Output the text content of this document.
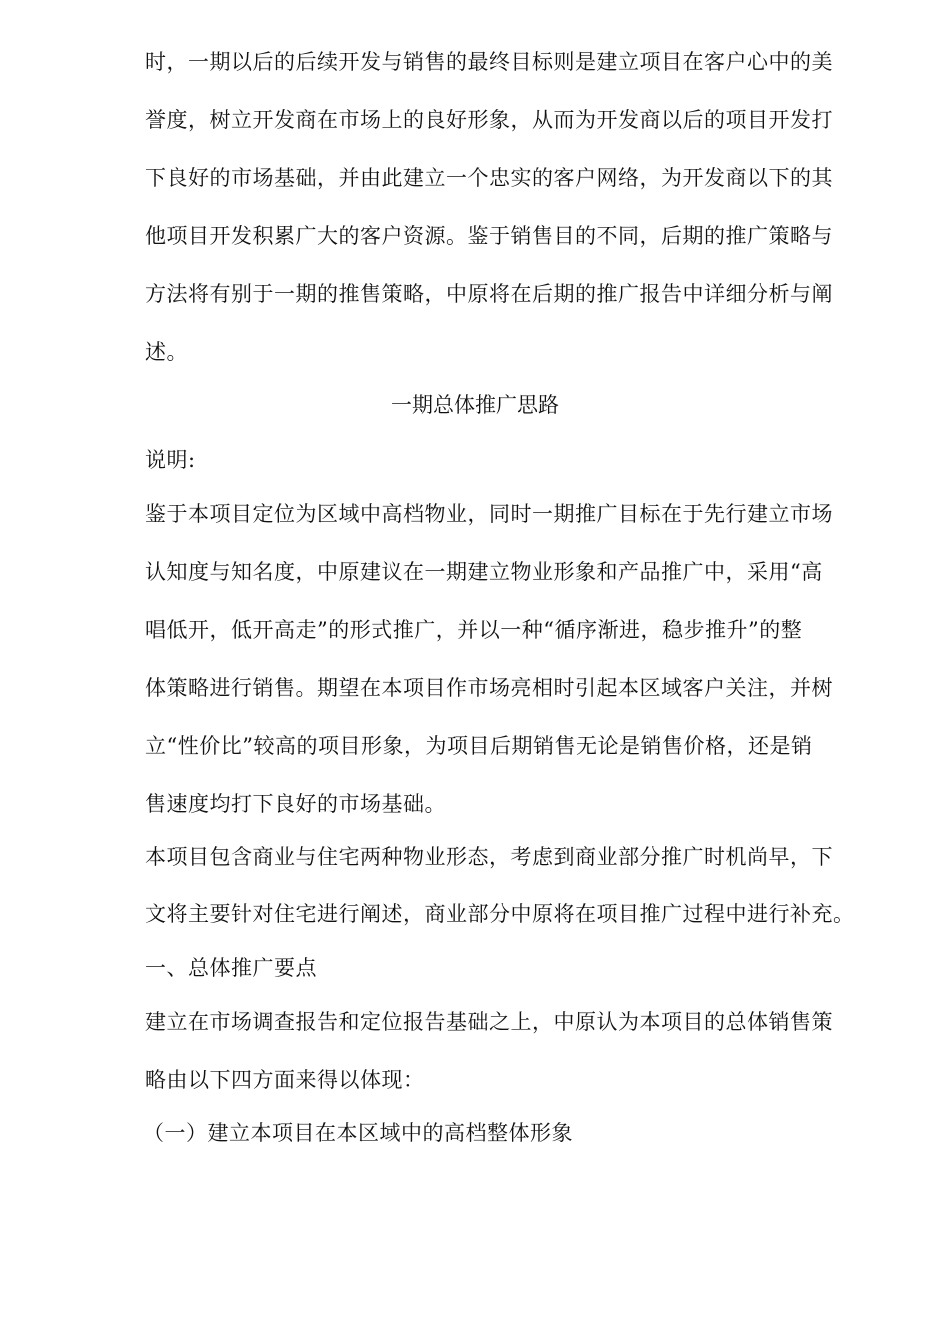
时，一期以后的后续开发与销售的最终目标则是建立项目在客户心中的美
誉度，树立开发商在市场上的良好形象，从而为开发商以后的项目开发打
下良好的市场基础，并由此建立一个忠实的客户网络，为开发商以下的其
他项目开发积累广大的客户资源。鉴于销售目的不同，后期的推广策略与
方法将有别于一期的推售策略，中原将在后期的推广报告中详细分析与阐
述。
一期总体推广思路
说明:
鉴于本项目定位为区域中高档物业，同时一期推广目标在于先行建立市场
认知度与知名度，中原建议在一期建立物业形象和产品推广中，采用“高
唱低开，低开高走”的形式推广，并以一种“循序渐进，稳步推升”的整
体策略进行销售。期望在本项目作市场亮相时引起本区域客户关注，并树
立“性价比”较高的项目形象，为项目后期销售无论是销售价格，还是销
售速度均打下良好的市场基础。
本项目包含商业与住宅两种物业形态，考虑到商业部分推广时机尚早，下
文将主要针对住宅进行阐述，商业部分中原将在项目推广过程中进行补充。
一、总体推广要点
建立在市场调查报告和定位报告基础之上，中原认为本项目的总体销售策
略由以下四方面来得以体现：
（一）建立本项目在本区域中的高档整体形象
